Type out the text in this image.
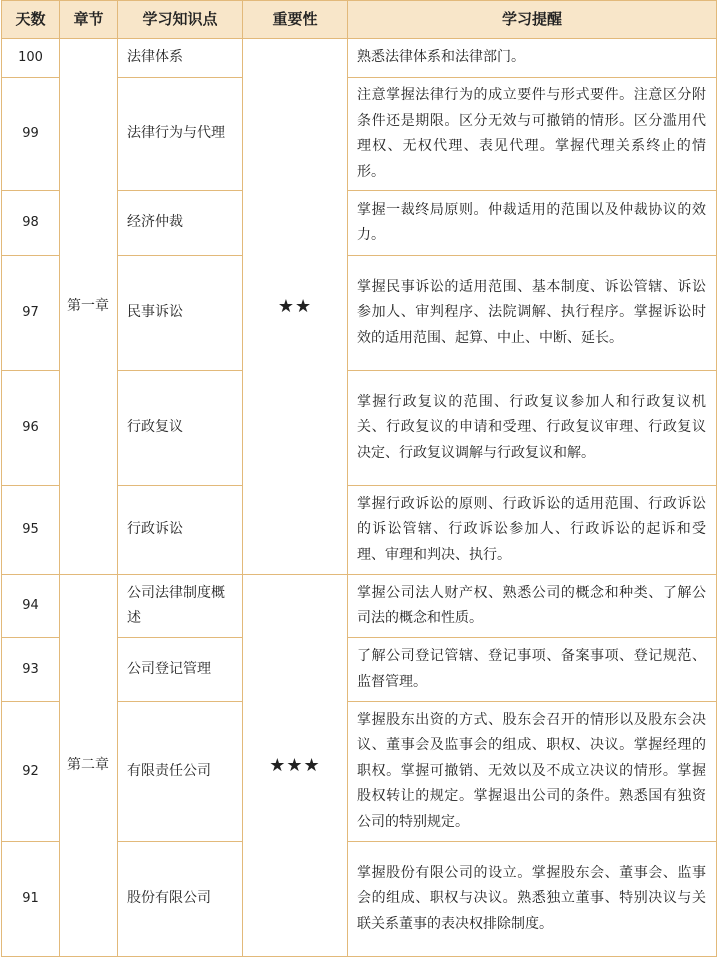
天数	章节	学习知识点	重要性	学习提醒
100	第一章	法律体系	★★	熟悉法律体系和法律部门。
99		法律行为与代理		注意掌握法律行为的成立要件与形式要件。注意区分附条件还是期限。区分无效与可撤销的情形。区分滥用代理权、无权代理、表见代理。掌握代理关系终止的情形。
98		经济仲裁		掌握一裁终局原则。仲裁适用的范围以及仲裁协议的效力。
97		民事诉讼		掌握民事诉讼的适用范围、基本制度、诉讼管辖、诉讼参加人、审判程序、法院调解、执行程序。掌握诉讼时效的适用范围、起算、中止、中断、延长。
96		行政复议		掌握行政复议的范围、行政复议参加人和行政复议机关、行政复议的申请和受理、行政复议审理、行政复议决定、行政复议调解与行政复议和解。
95		行政诉讼		掌握行政诉讼的原则、行政诉讼的适用范围、行政诉讼的诉讼管辖、行政诉讼参加人、行政诉讼的起诉和受理、审理和判决、执行。
94	第二章	公司法律制度概述	★★★	掌握公司法人财产权、熟悉公司的概念和种类、了解公司法的概念和性质。
93		公司登记管理		了解公司登记管辖、登记事项、备案事项、登记规范、监督管理。
92		有限责任公司		掌握股东出资的方式、股东会召开的情形以及股东会决议、董事会及监事会的组成、职权、决议。掌握经理的职权。掌握可撤销、无效以及不成立决议的情形。掌握股权转让的规定。掌握退出公司的条件。熟悉国有独资公司的特别规定。
91		股份有限公司		掌握股份有限公司的设立。掌握股东会、董事会、监事会的组成、职权与决议。熟悉独立董事、特别决议与关联关系董事的表决权排除制度。
